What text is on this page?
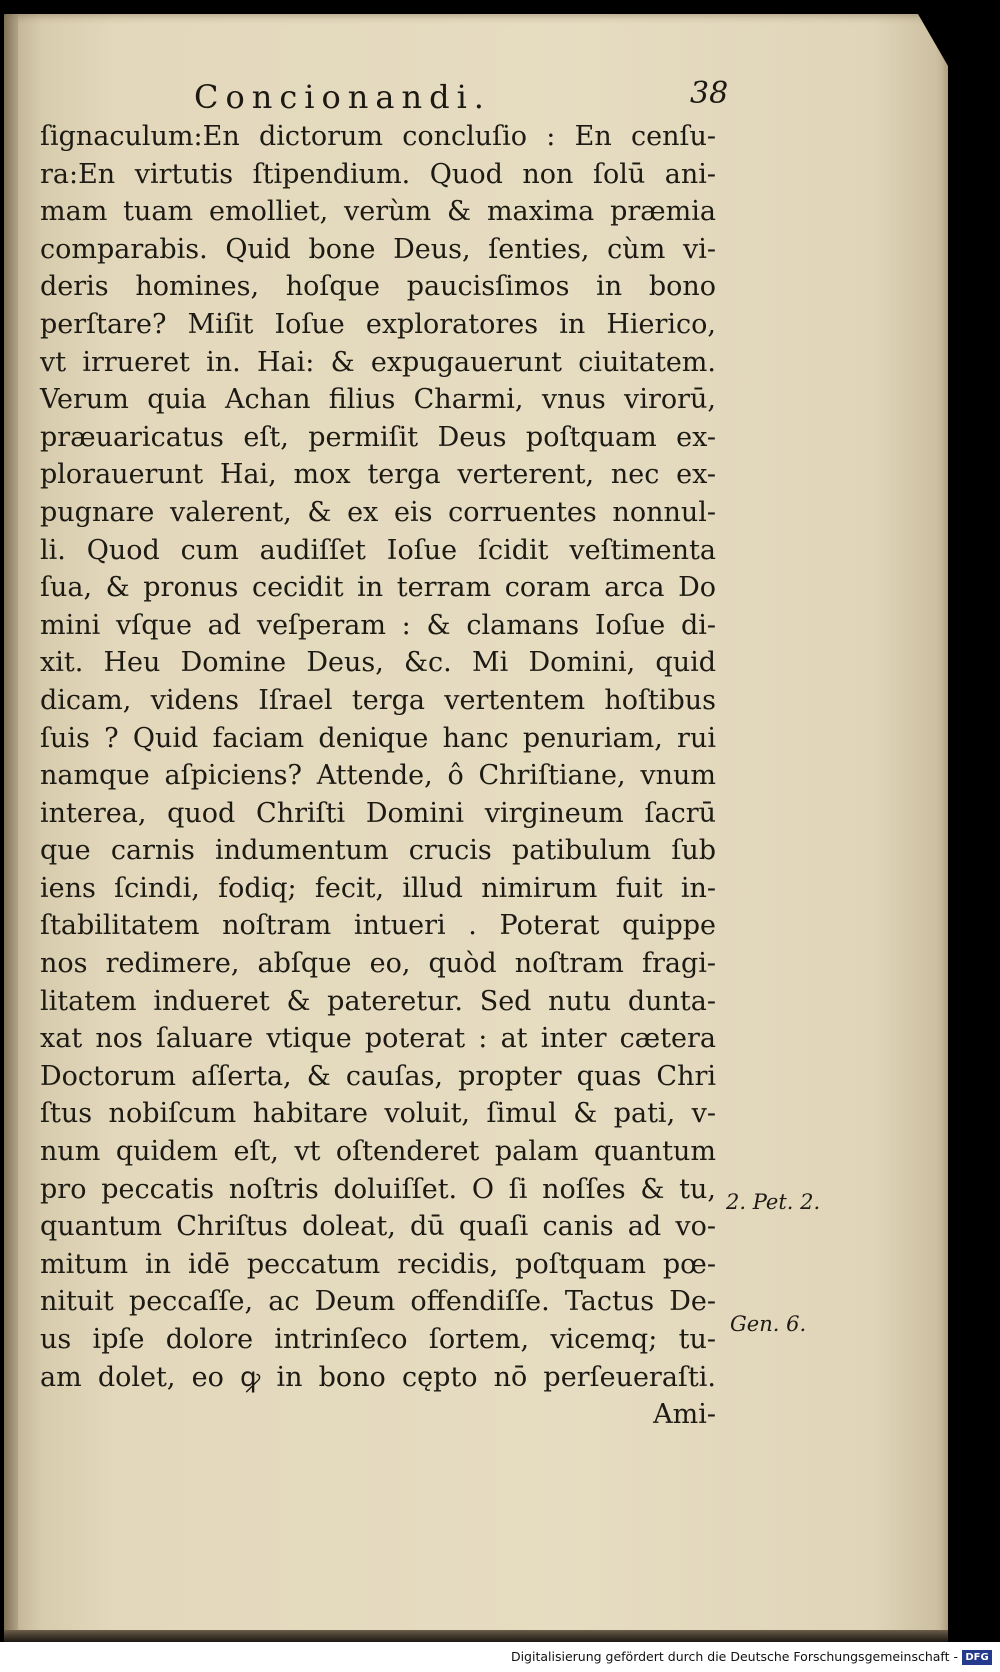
Concionandi.	38
ſignaculum:En dictorum concluſio : En cenſu-
ra:En virtutis ſtipendium. Quod non ſolū ani-
mam tuam emolliet, verùm & maxima præmia
comparabis. Quid bone Deus, ſenties, cùm vi-
deris homines, hoſque paucisſimos in bono
perſtare? Miſit Ioſue exploratores in Hierico,
vt irrueret in. Hai: & expugauerunt ciuitatem.
Verum quia Achan filius Charmi, vnus virorū,
præuaricatus eſt, permiſit Deus poſtquam ex-
plorauerunt Hai, mox terga verterent, nec ex-
pugnare valerent, & ex eis corruentes nonnul-
li. Quod cum audiſſet Ioſue ſcidit veſtimenta
ſua, & pronus cecidit in terram coram arca Do
mini vſque ad veſperam : & clamans Ioſue di-
xit. Heu Domine Deus, &c. Mi Domini, quid
dicam, videns Iſrael terga vertentem hoſtibus
ſuis ? Quid faciam denique hanc penuriam, rui
namque aſpiciens? Attende, ô Chriſtiane, vnum
interea, quod Chriſti Domini virgineum ſacrū
que carnis indumentum crucis patibulum ſub
iens ſcindi, fodiq; fecit, illud nimirum fuit in-
ſtabilitatem noſtram intueri . Poterat quippe
nos redimere, abſque eo, quòd noſtram fragi-
litatem indueret & pateretur. Sed nutu dunta-
xat nos ſaluare vtique poterat : at inter cætera
Doctorum aſſerta, & cauſas, propter quas Chri
ſtus nobiſcum habitare voluit, ſimul & pati, v-
num quidem eſt, vt oſtenderet palam quantum
pro peccatis noſtris doluiſſet. O ſi noſſes & tu,
quantum Chriſtus doleat, dū quaſi canis ad vo-
mitum in idē peccatum recidis, poſtquam pœ-
nituit peccaſſe, ac Deum offendiſſe. Tactus De-
us ipſe dolore intrinſeco ſortem, vicemq; tu-
am dolet, eo ꝙ in bono cępto nō perſeueraſti.
Ami-
2. Pet. 2.
Gen. 6.
Digitalisierung gefördert durch die Deutsche Forschungsgemeinschaft - DFG
